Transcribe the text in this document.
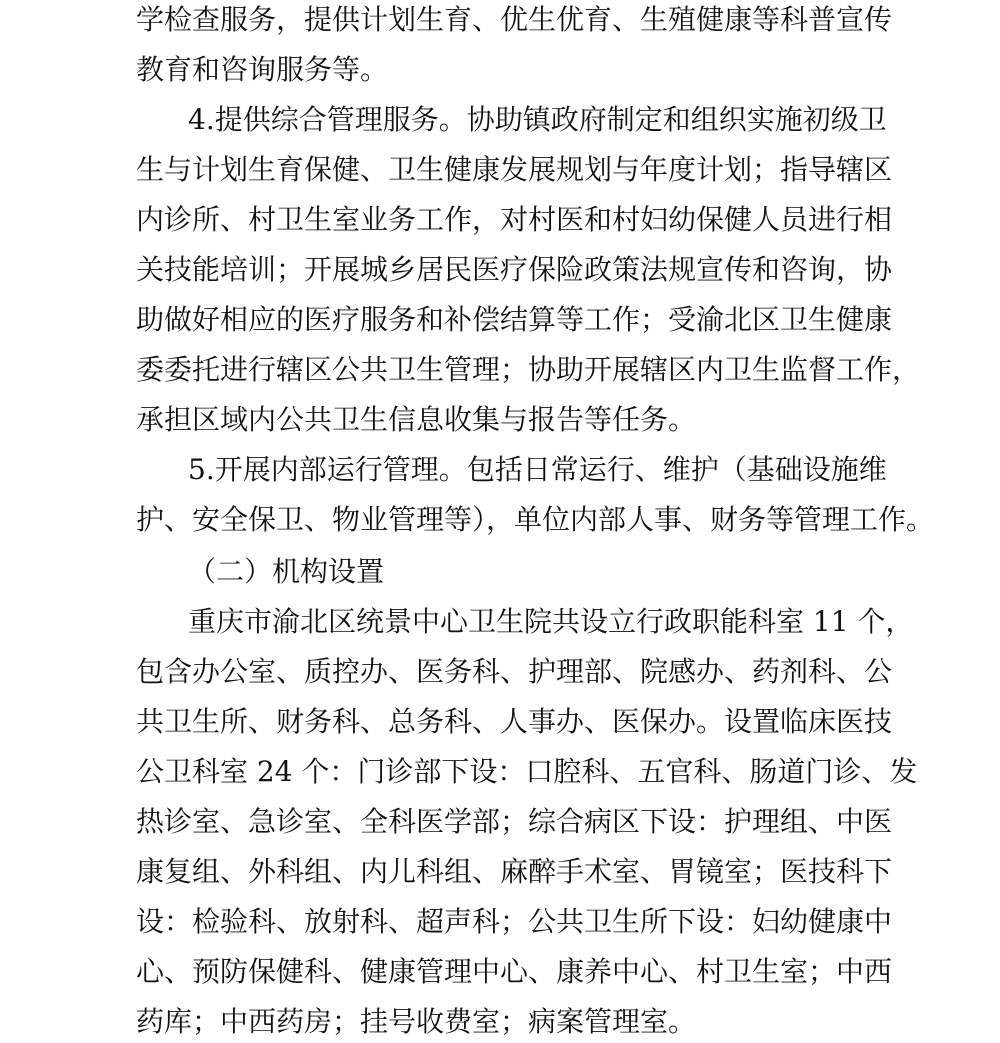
学检查服务，提供计划生育、优生优育、生殖健康等科普宣传
教育和咨询服务等。
4.提供综合管理服务。协助镇政府制定和组织实施初级卫
生与计划生育保健、卫生健康发展规划与年度计划；指导辖区
内诊所、村卫生室业务工作，对村医和村妇幼保健人员进行相
关技能培训；开展城乡居民医疗保险政策法规宣传和咨询，协
助做好相应的医疗服务和补偿结算等工作；受渝北区卫生健康
委委托进行辖区公共卫生管理；协助开展辖区内卫生监督工作，
承担区域内公共卫生信息收集与报告等任务。
5.开展内部运行管理。包括日常运行、维护（基础设施维
护、安全保卫、物业管理等），单位内部人事、财务等管理工作。
（二）机构设置
重庆市渝北区统景中心卫生院共设立行政职能科室 11 个，
包含办公室、质控办、医务科、护理部、院感办、药剂科、公
共卫生所、财务科、总务科、人事办、医保办。设置临床医技
公卫科室 24 个：门诊部下设：口腔科、五官科、肠道门诊、发
热诊室、急诊室、全科医学部；综合病区下设：护理组、中医
康复组、外科组、内儿科组、麻醉手术室、胃镜室；医技科下
设：检验科、放射科、超声科；公共卫生所下设：妇幼健康中
心、预防保健科、健康管理中心、康养中心、村卫生室；中西
药库；中西药房；挂号收费室；病案管理室。
